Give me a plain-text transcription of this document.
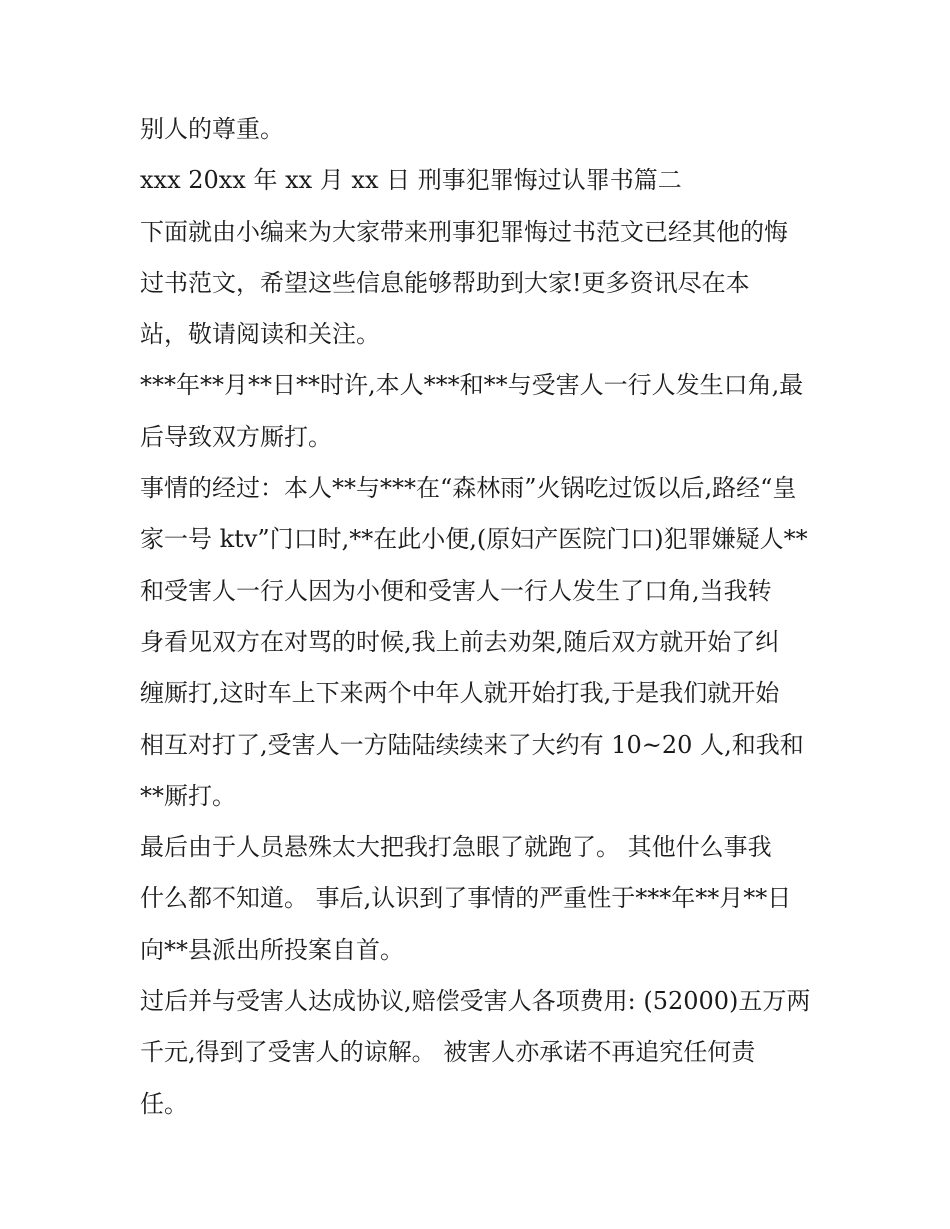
别人的尊重。

xxx 20xx 年 xx 月 xx 日 刑事犯罪悔过认罪书篇二

下面就由小编来为大家带来刑事犯罪悔过书范文已经其他的悔

过书范文，希望这些信息能够帮助到大家!更多资讯尽在本

站，敬请阅读和关注。

***年**月**日**时许,本人***和**与受害人一行人发生口角,最

后导致双方厮打。

事情的经过：本人**与***在“森林雨”火锅吃过饭以后,路经“皇

家一号 ktv”门口时,**在此小便,(原妇产医院门口)犯罪嫌疑人**

和受害人一行人因为小便和受害人一行人发生了口角,当我转

身看见双方在对骂的时候,我上前去劝架,随后双方就开始了纠

缠厮打,这时车上下来两个中年人就开始打我,于是我们就开始

相互对打了,受害人一方陆陆续续来了大约有 10~20 人,和我和

**厮打。

最后由于人员悬殊太大把我打急眼了就跑了。 其他什么事我

什么都不知道。 事后,认识到了事情的严重性于***年**月**日

向**县派出所投案自首。

过后并与受害人达成协议,赔偿受害人各项费用: (52000)五万两

千元,得到了受害人的谅解。 被害人亦承诺不再追究任何责

任。
